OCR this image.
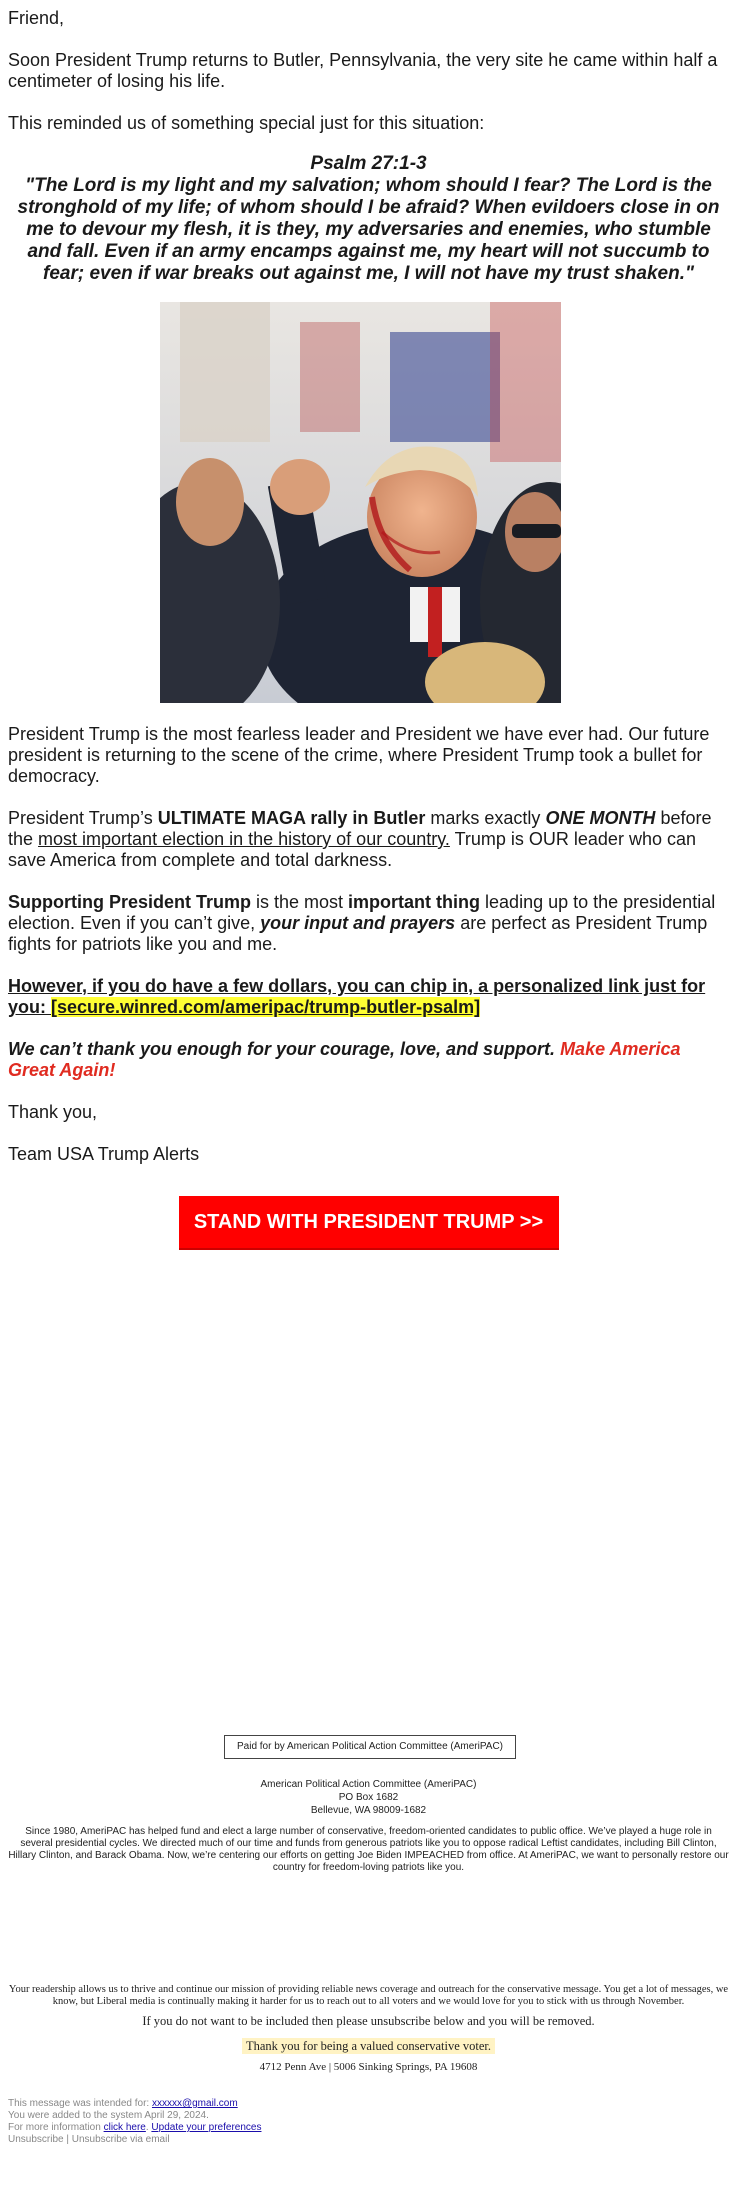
Friend,

Soon President Trump returns to Butler, Pennsylvania, the very site he came within half a centimeter of losing his life.

This reminded us of something special just for this situation:

Psalm 27:1-3
"The Lord is my light and my salvation; whom should I fear? The Lord is the stronghold of my life; of whom should I be afraid? When evildoers close in on me to devour my flesh, it is they, my adversaries and enemies, who stumble and fall. Even if an army encamps against me, my heart will not succumb to fear; even if war breaks out against me, I will not have my trust shaken."

President Trump is the most fearless leader and President we have ever had. Our future president is returning to the scene of the crime, where President Trump took a bullet for democracy.

President Trump’s ULTIMATE MAGA rally in Butler marks exactly ONE MONTH before the most important election in the history of our country. Trump is OUR leader who can save America from complete and total darkness.

Supporting President Trump is the most important thing leading up to the presidential election. Even if you can’t give, your input and prayers are perfect as President Trump fights for patriots like you and me.

However, if you do have a few dollars, you can chip in, a personalized link just for you: [secure.winred.com/ameripac/trump-butler-psalm]

We can’t thank you enough for your courage, love, and support. Make America Great Again!

Thank you,

Team USA Trump Alerts

STAND WITH PRESIDENT TRUMP >>
Paid for by American Political Action Committee (AmeriPAC)
American Political Action Committee (AmeriPAC)
PO Box 1682
Bellevue, WA 98009-1682
Since 1980, AmeriPAC has helped fund and elect a large number of conservative, freedom-oriented candidates to public office. We’ve played a huge role in several presidential cycles. We directed much of our time and funds from generous patriots like you to oppose radical Leftist candidates, including Bill Clinton, Hillary Clinton, and Barack Obama. Now, we’re centering our efforts on getting Joe Biden IMPEACHED from office. At AmeriPAC, we want to personally restore our country for freedom-loving patriots like you.
Your readership allows us to thrive and continue our mission of providing reliable news coverage and outreach for the conservative message. You get a lot of messages, we know, but Liberal media is continually making it harder for us to reach out to all voters and we would love for you to stick with us through November.
If you do not want to be included then please unsubscribe below and you will be removed.
Thank you for being a valued conservative voter.
4712 Penn Ave | 5006 Sinking Springs, PA 19608
This message was intended for: xxxxxx@gmail.com
You were added to the system April 29, 2024.
For more information click here. Update your preferences
Unsubscribe | Unsubscribe via email
